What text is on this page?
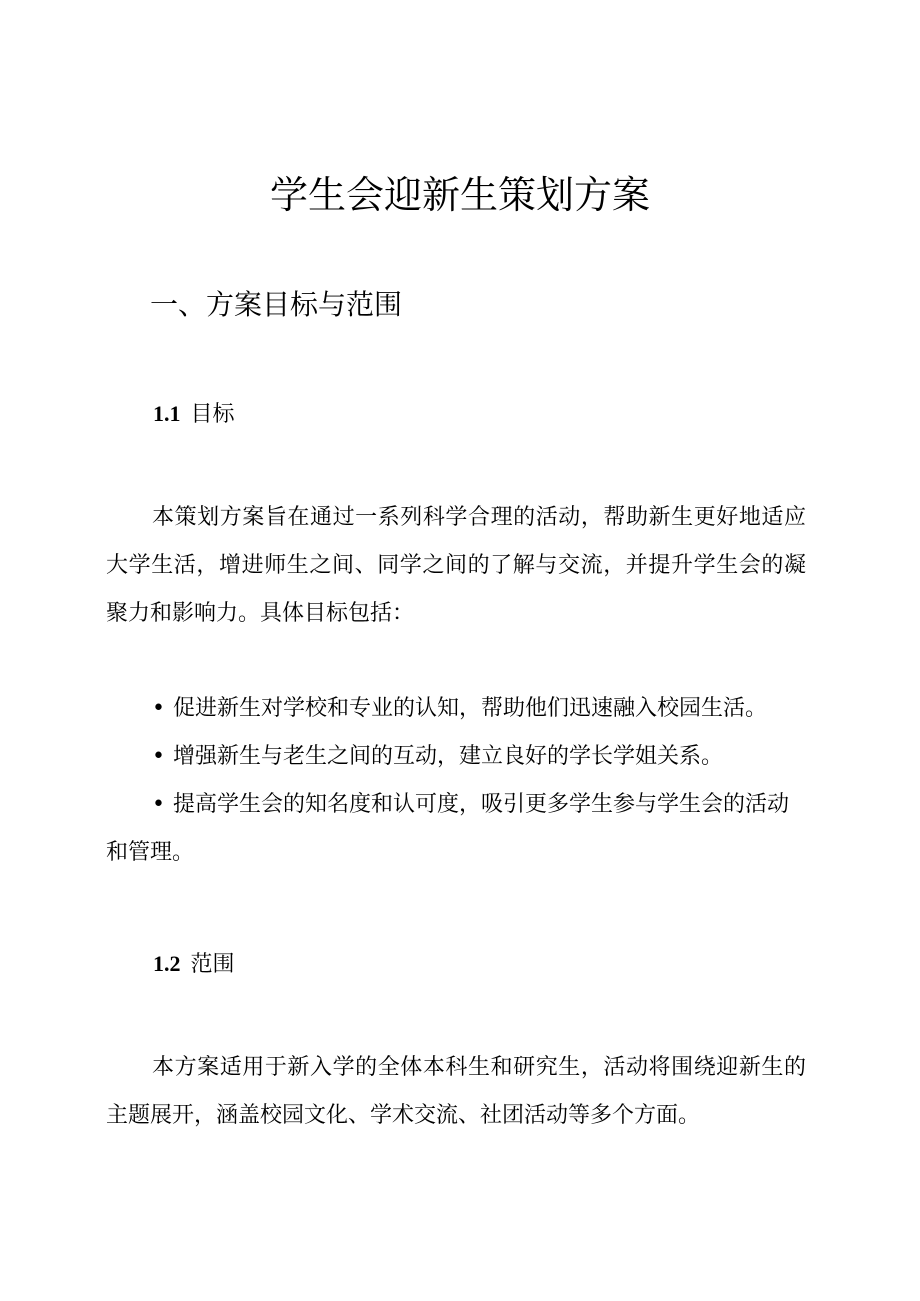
学生会迎新生策划方案
一、方案目标与范围
1.1 目标

本策划方案旨在通过一系列科学合理的活动，帮助新生更好地适应大学生活，增进师生之间、同学之间的了解与交流，并提升学生会的凝聚力和影响力。具体目标包括：

• 促进新生对学校和专业的认知，帮助他们迅速融入校园生活。
• 增强新生与老生之间的互动，建立良好的学长学姐关系。
• 提高学生会的知名度和认可度，吸引更多学生参与学生会的活动和管理。
1.2 范围

本方案适用于新入学的全体本科生和研究生，活动将围绕迎新生的主题展开，涵盖校园文化、学术交流、社团活动等多个方面。
